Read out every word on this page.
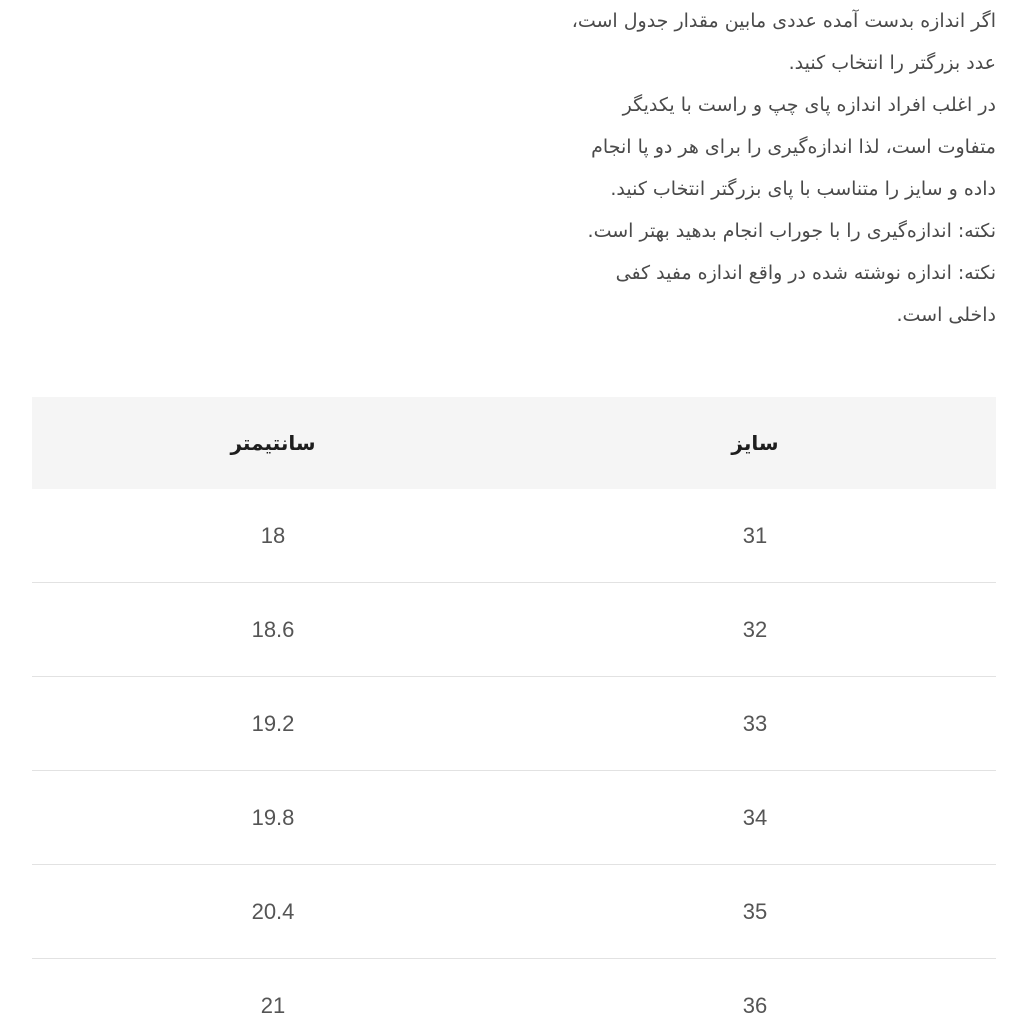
اگر اندازه بدست آمده عددی مابین مقدار جدول است،
عدد بزرگتر را انتخاب کنید.
در اغلب افراد اندازه پای چپ و راست با یکدیگر
متفاوت است، لذا اندازه‌گیری را برای هر دو پا انجام
داده و سایز را متناسب با پای بزرگتر انتخاب کنید.
نکته: اندازه‌گیری را با جوراب انجام بدهید بهتر است.
نکته: اندازه نوشته شده در واقع اندازه مفید کفی
داخلی است.
سایز	سانتیمتر
31	18
32	18.6
33	19.2
34	19.8
35	20.4
36	21
